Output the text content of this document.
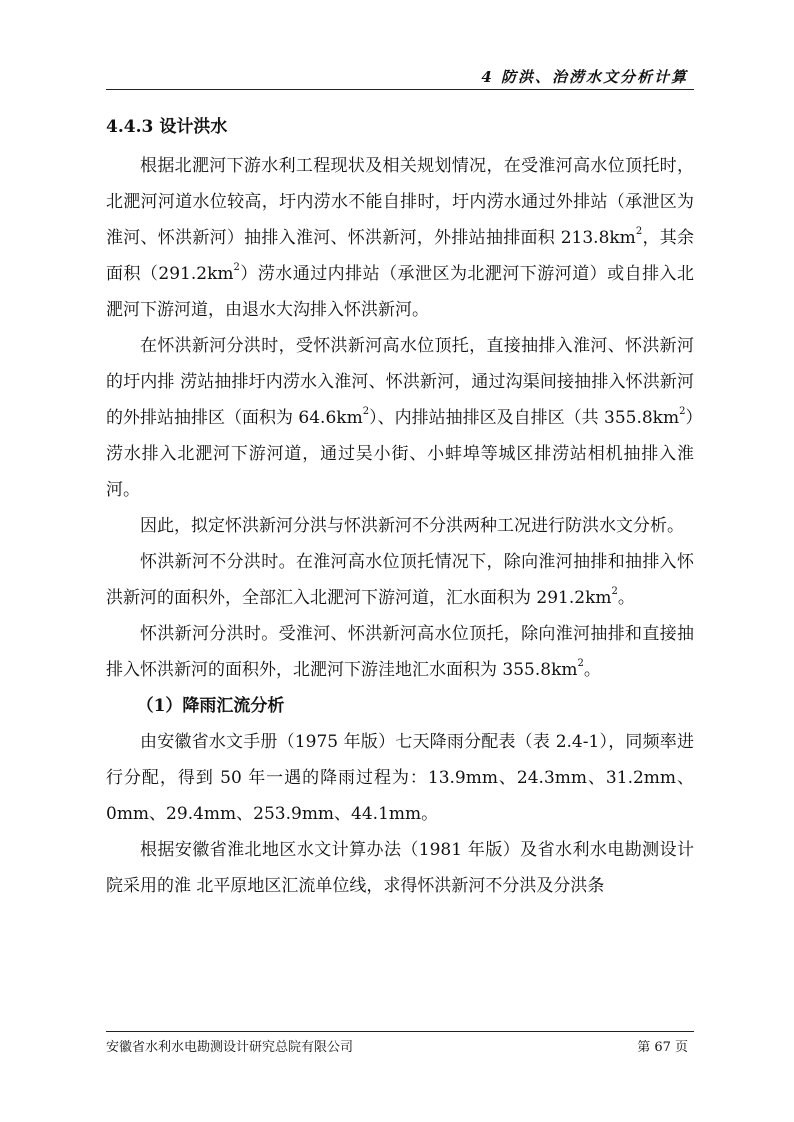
4 防洪、治涝水文分析计算
4.4.3 设计洪水

根据北淝河下游水利工程现状及相关规划情况，在受淮河高水位顶托时，北淝河河道水位较高，圩内涝水不能自排时，圩内涝水通过外排站（承泄区为淮河、怀洪新河）抽排入淮河、怀洪新河，外排站抽排面积 $213.8km^2$，其余面积$(291.2km^2)$涝水通过内排站（承泄区为北淝河下游河道）或自排入北淝河下游河道，由退水大沟排入怀洪新河。

在怀洪新河分洪时，受怀洪新河高水位顶托，直接抽排入淮河、怀洪新河的圩内排 涝站抽排圩内涝水入淮河、怀洪新河，通过沟渠间接抽排入怀洪新河的外排站抽排区（面积为 $64.6km^2$）、内排站抽排区及自排区（共 $355.8km^2$）涝水排入北淝河下游河道，通过吴小街、小蚌埠等城区排涝站相机抽排入淮河。

因此，拟定怀洪新河分洪与怀洪新河不分洪两种工况进行防洪水文分析。

怀洪新河不分洪时。在淮河高水位顶托情况下，除向淮河抽排和抽排入怀洪新河的面积外，全部汇入北淝河下游河道，汇水面积为 $291.2km^2$。

怀洪新河分洪时。受淮河、怀洪新河高水位顶托，除向淮河抽排和直接抽排入怀洪新河的面积外，北淝河下游洼地汇水面积为 $355.8km^2$。

（1）降雨汇流分析

由安徽省水文手册（1975 年版）七天降雨分配表（表 2.4-1），同频率进行分配，得到 50 年一遇的降雨过程为：13.9mm、24.3mm、31.2mm、0mm、29.4mm、253.9mm、44.1mm。

根据安徽省淮北地区水文计算办法（1981 年版）及省水利水电勘测设计院采用的淮 北平原地区汇流单位线，求得怀洪新河不分洪及分洪条

安徽省水利水电勘测设计研究总院有限公司	第 67 页
